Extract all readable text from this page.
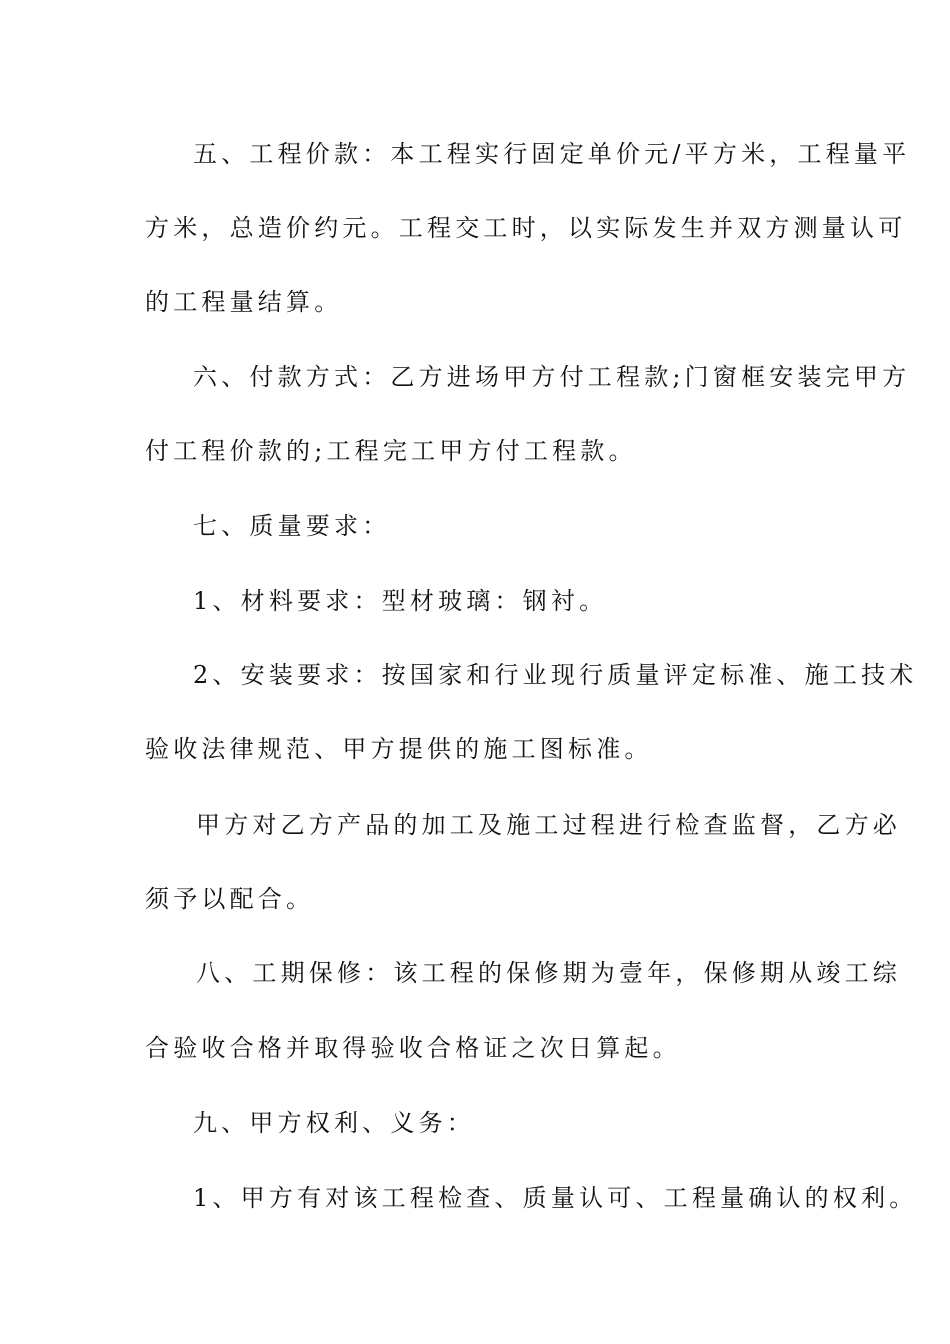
五、工程价款：本工程实行固定单价元/平方米，工程量平
方米，总造价约元。工程交工时，以实际发生并双方测量认可
的工程量结算。
六、付款方式：乙方进场甲方付工程款;门窗框安装完甲方
付工程价款的;工程完工甲方付工程款。
七、质量要求：
1、材料要求：型材玻璃：钢衬。
2、安装要求：按国家和行业现行质量评定标准、施工技术
验收法律规范、甲方提供的施工图标准。
甲方对乙方产品的加工及施工过程进行检查监督，乙方必
须予以配合。
八、工期保修：该工程的保修期为壹年，保修期从竣工综
合验收合格并取得验收合格证之次日算起。
九、甲方权利、义务：
1、甲方有对该工程检查、质量认可、工程量确认的权利。
